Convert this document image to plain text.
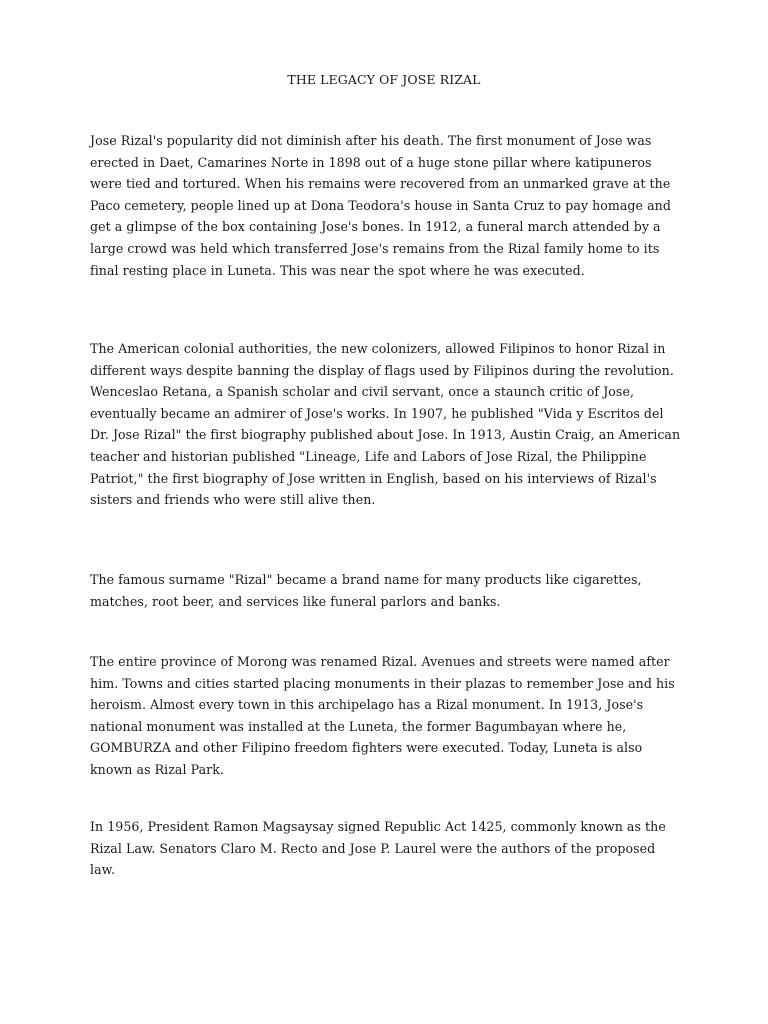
THE LEGACY OF JOSE RIZAL

Jose Rizal's popularity did not diminish after his death. The first monument of Jose was erected in Daet, Camarines Norte in 1898 out of a huge stone pillar where katipuneros were tied and tortured. When his remains were recovered from an unmarked grave at the Paco cemetery, people lined up at Dona Teodora's house in Santa Cruz to pay homage and get a glimpse of the box containing Jose's bones. In 1912, a funeral march attended by a large crowd was held which transferred Jose's remains from the Rizal family home to its final resting place in Luneta. This was near the spot where he was executed.

The American colonial authorities, the new colonizers, allowed Filipinos to honor Rizal in different ways despite banning the display of flags used by Filipinos during the revolution. Wenceslao Retana, a Spanish scholar and civil servant, once a staunch critic of Jose, eventually became an admirer of Jose's works. In 1907, he published "Vida y Escritos del Dr. Jose Rizal" the first biography published about Jose. In 1913, Austin Craig, an American teacher and historian published "Lineage, Life and Labors of Jose Rizal, the Philippine Patriot," the first biography of Jose written in English, based on his interviews of Rizal's sisters and friends who were still alive then.

The famous surname "Rizal" became a brand name for many products like cigarettes, matches, root beer, and services like funeral parlors and banks.

The entire province of Morong was renamed Rizal. Avenues and streets were named after him. Towns and cities started placing monuments in their plazas to remember Jose and his heroism. Almost every town in this archipelago has a Rizal monument. In 1913, Jose's national monument was installed at the Luneta, the former Bagumbayan where he, GOMBURZA and other Filipino freedom fighters were executed. Today, Luneta is also known as Rizal Park.

In 1956, President Ramon Magsaysay signed Republic Act 1425, commonly known as the Rizal Law. Senators Claro M. Recto and Jose P. Laurel were the authors of the proposed law.
